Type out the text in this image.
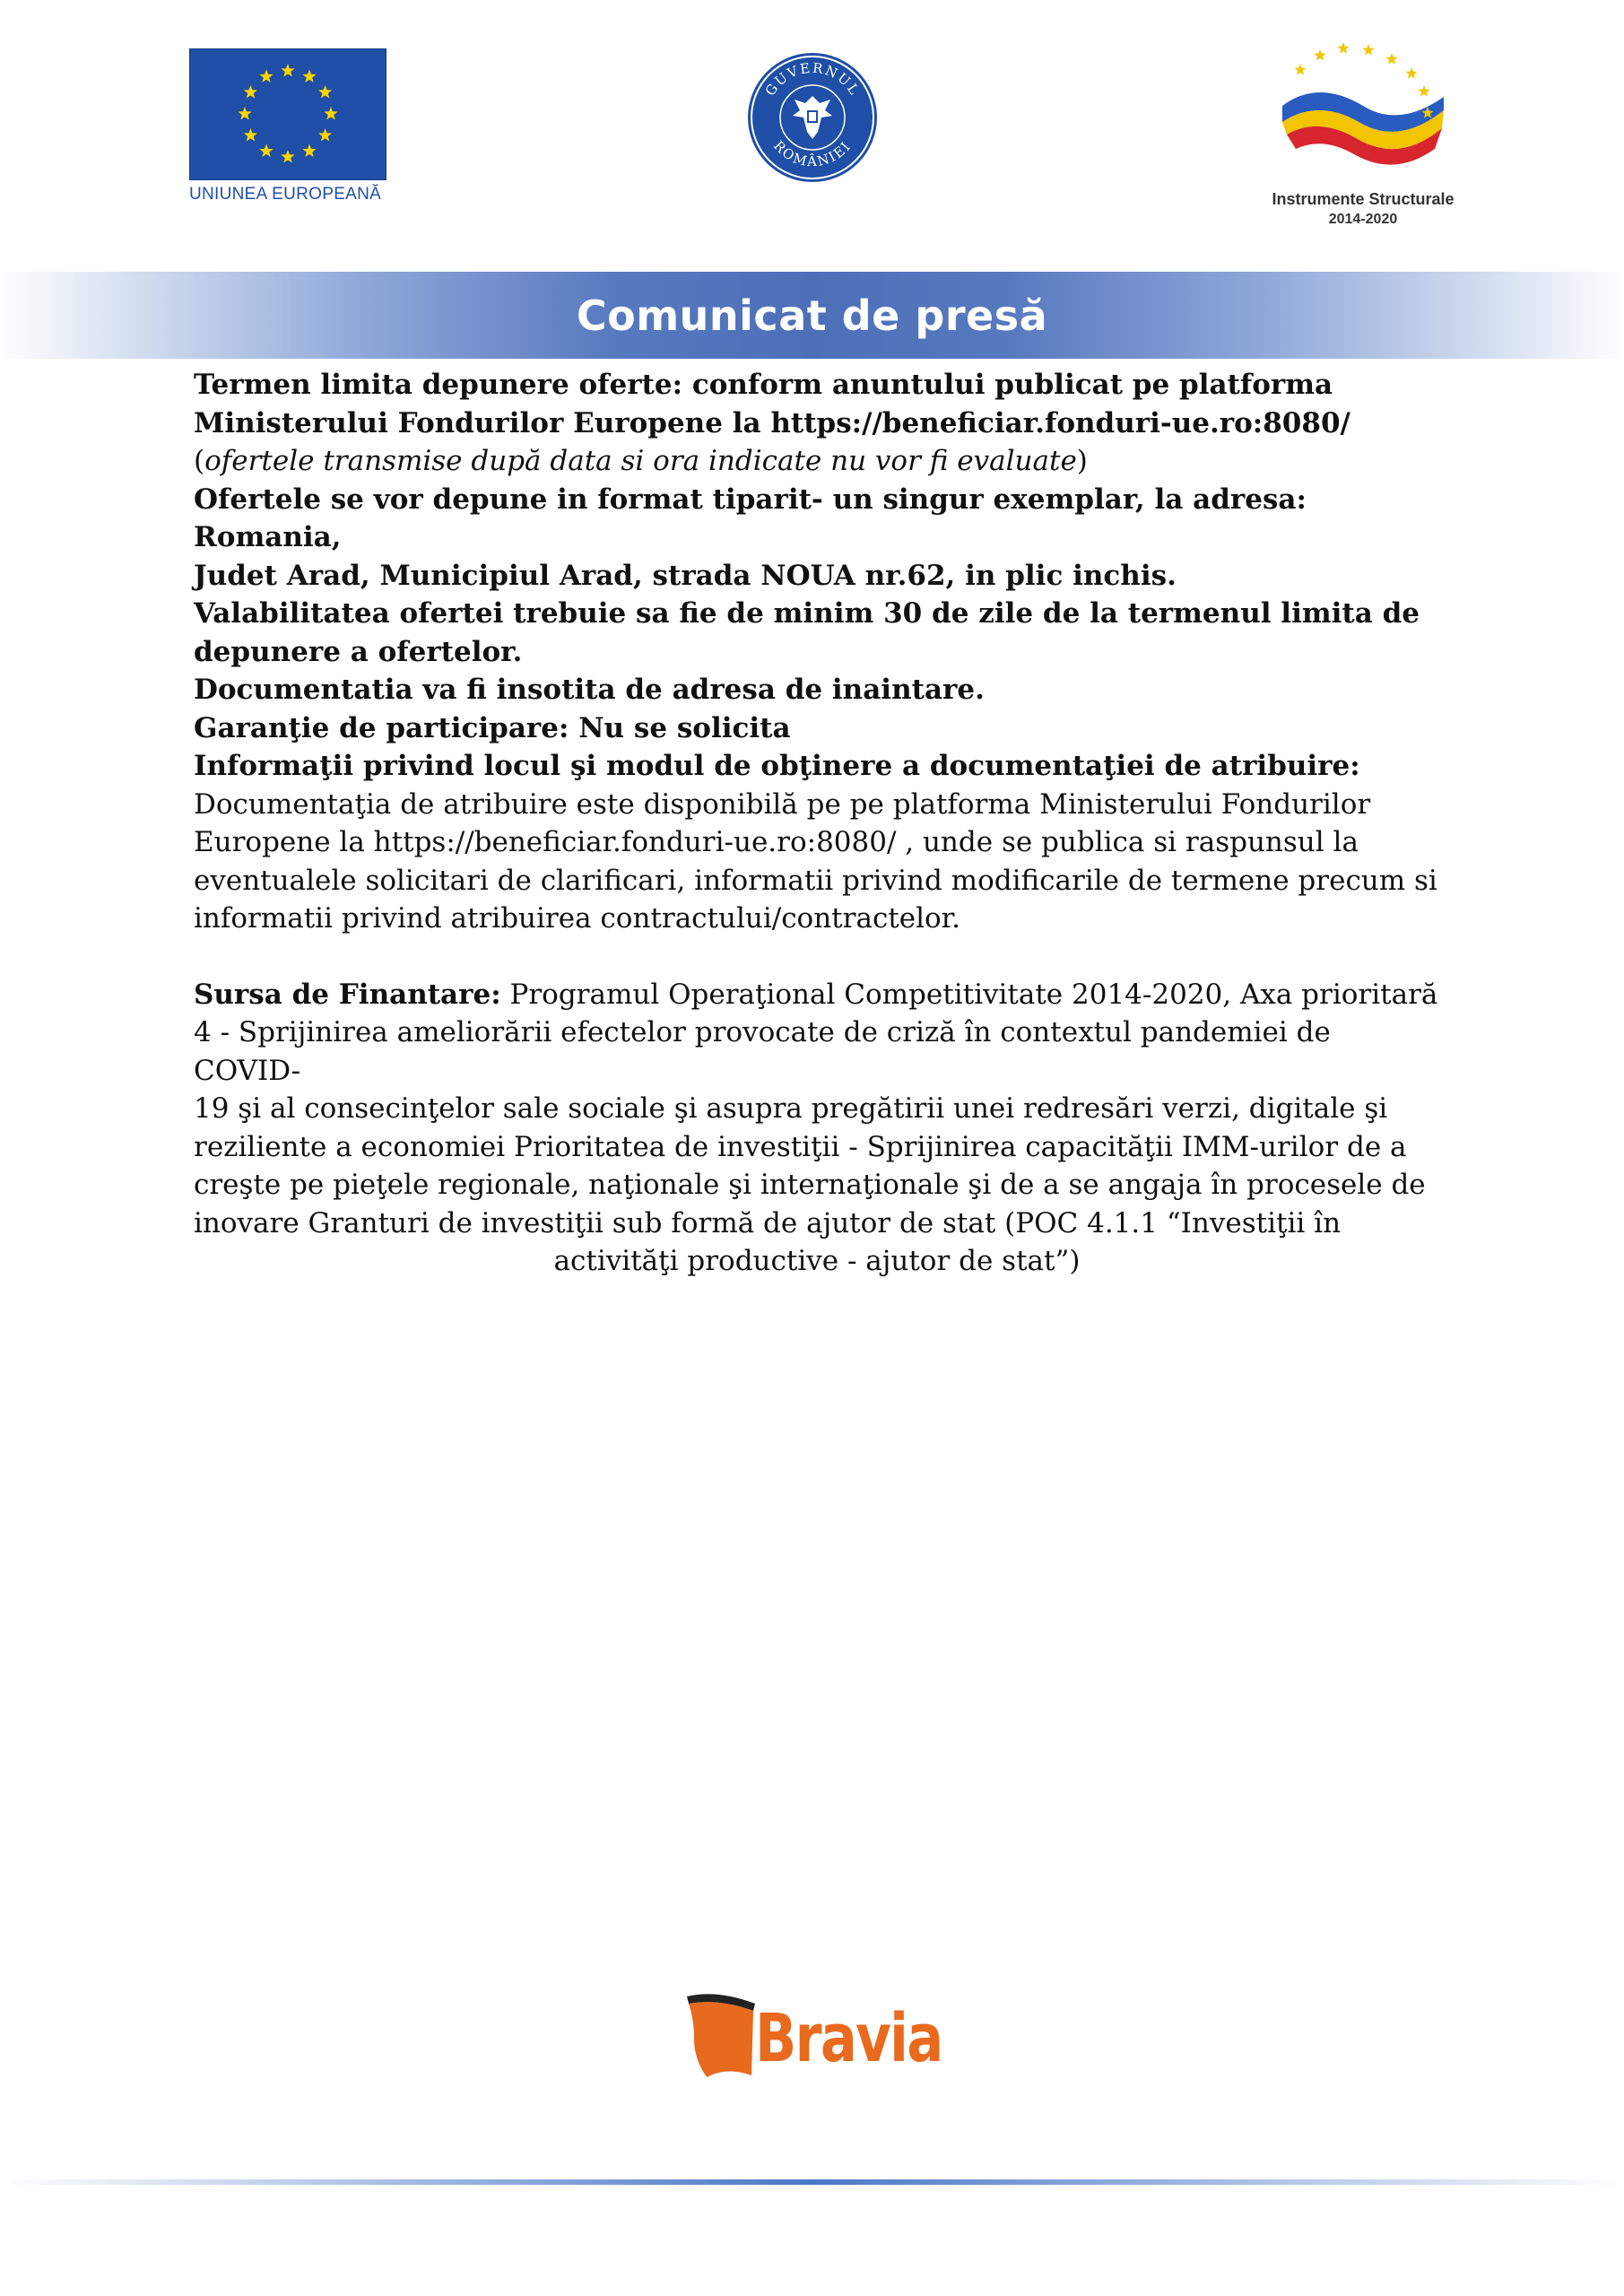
UNIUNEA EUROPEANĂ
GUVERNUL
ROMÂNIEI
Instrumente Structurale
2014-2020
Comunicat de presă

Termen limita depunere oferte: conform anuntului publicat pe platforma

Ministerului Fondurilor Europene la https://beneficiar.fonduri-ue.ro:8080/

(ofertele transmise după data si ora indicate nu vor fi evaluate)

Ofertele se vor depune in format tiparit- un singur exemplar, la adresa: Romania,

Judet Arad, Municipiul Arad, strada NOUA nr.62, in plic inchis.

Valabilitatea ofertei trebuie sa fie de minim 30 de zile de la termenul limita de

depunere a ofertelor.

Documentatia va fi insotita de adresa de inaintare.

Garanţie de participare: Nu se solicita

Informaţii privind locul şi modul de obţinere a documentaţiei de atribuire:

Documentaţia de atribuire este disponibilă pe pe platforma Ministerului Fondurilor

Europene la https://beneficiar.fonduri-ue.ro:8080/ , unde se publica si raspunsul la

eventualele solicitari de clarificari, informatii privind modificarile de termene precum si

informatii privind atribuirea contractului/contractelor.

Sursa de Finantare: Programul Operaţional Competitivitate 2014-2020, Axa prioritară

4 - Sprijinirea ameliorării efectelor provocate de criză în contextul pandemiei de COVID-

19 şi al consecinţelor sale sociale şi asupra pregătirii unei redresări verzi, digitale şi

reziliente a economiei Prioritatea de investiţii - Sprijinirea capacităţii IMM-urilor de a

creşte pe pieţele regionale, naţionale şi internaţionale şi de a se angaja în procesele de

inovare Granturi de investiţii sub formă de ajutor de stat (POC 4.1.1 “Investiţii în

activităţi productive - ajutor de stat”)

Bravia
